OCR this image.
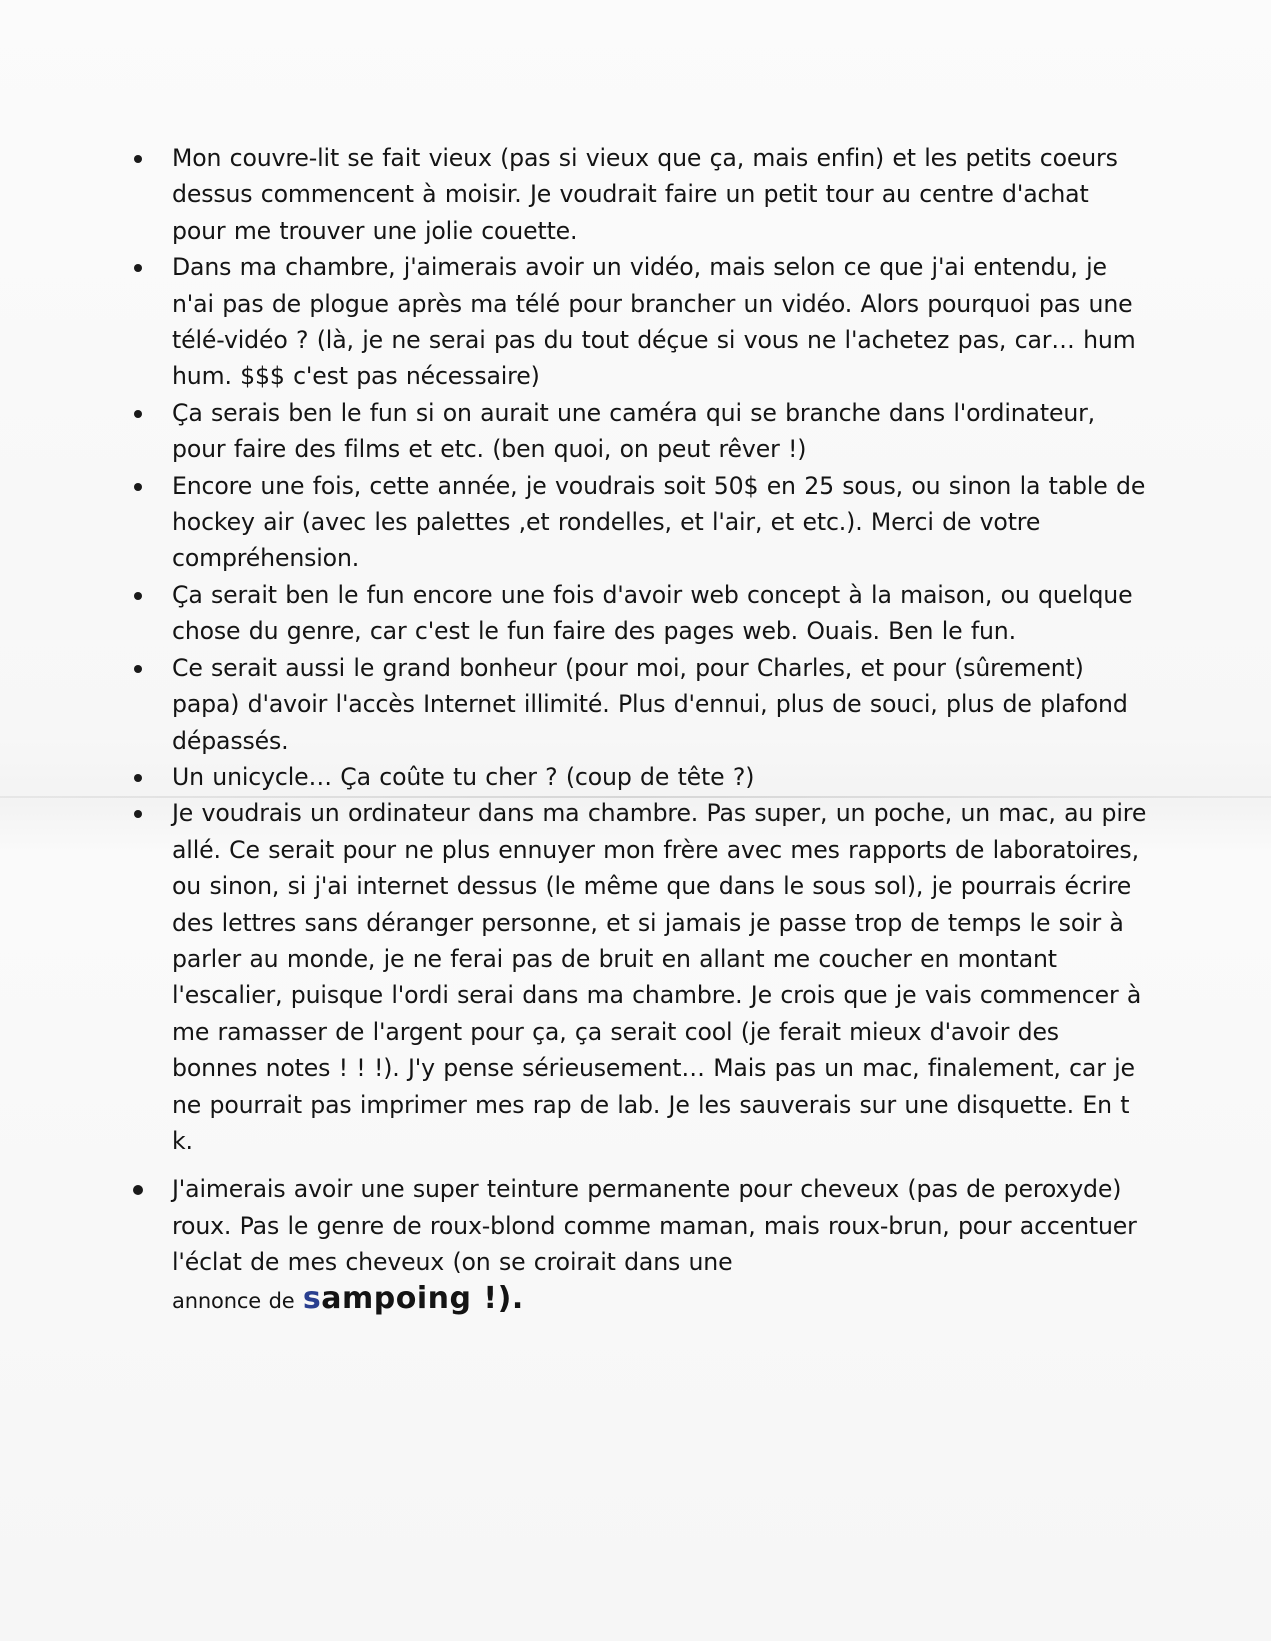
Mon couvre-lit se fait vieux (pas si vieux que ça, mais enfin) et les petits coeurs dessus commencent à moisir. Je voudrait faire un petit tour au centre d'achat pour me trouver une jolie couette.
Dans ma chambre, j'aimerais avoir un vidéo, mais selon ce que j'ai entendu, je n'ai pas de plogue après ma télé pour brancher un vidéo. Alors pourquoi pas une télé-vidéo ? (là, je ne serai pas du tout déçue si vous ne l'achetez pas, car… hum hum. $$$ c'est pas nécessaire)
Ça serais ben le fun si on aurait une caméra qui se branche dans l'ordinateur, pour faire des films et etc. (ben quoi, on peut rêver !)
Encore une fois, cette année, je voudrais soit 50$ en 25 sous, ou sinon la table de hockey air (avec les palettes ,et rondelles, et l'air, et etc.). Merci de votre compréhension.
Ça serait ben le fun encore une fois d'avoir web concept à la maison, ou quelque chose du genre, car c'est le fun faire des pages web. Ouais. Ben le fun.
Ce serait aussi le grand bonheur (pour moi, pour Charles, et pour (sûrement) papa) d'avoir l'accès Internet illimité. Plus d'ennui, plus de souci, plus de plafond dépassés.
Un unicycle… Ça coûte tu cher ? (coup de tête ?)
Je voudrais un ordinateur dans ma chambre. Pas super, un poche, un mac, au pire allé. Ce serait pour ne plus ennuyer mon frère avec mes rapports de laboratoires, ou sinon, si j'ai internet dessus (le même que dans le sous sol), je pourrais écrire des lettres sans déranger personne, et si jamais je passe trop de temps le soir à parler au monde, je ne ferai pas de bruit en allant me coucher en montant l'escalier, puisque l'ordi serai dans ma chambre. Je crois que je vais commencer à me ramasser de l'argent pour ça, ça serait cool (je ferait mieux d'avoir des bonnes notes ! ! !). J'y pense sérieusement… Mais pas un mac, finalement, car je ne pourrait pas imprimer mes rap de lab. Je les sauverais sur une disquette. En t k.
J'aimerais avoir une super teinture permanente pour cheveux (pas de peroxyde) roux. Pas le genre de roux-blond comme maman, mais roux-brun, pour accentuer l'éclat de mes cheveux (on se croirait dans une
annonce de sampoing !).
